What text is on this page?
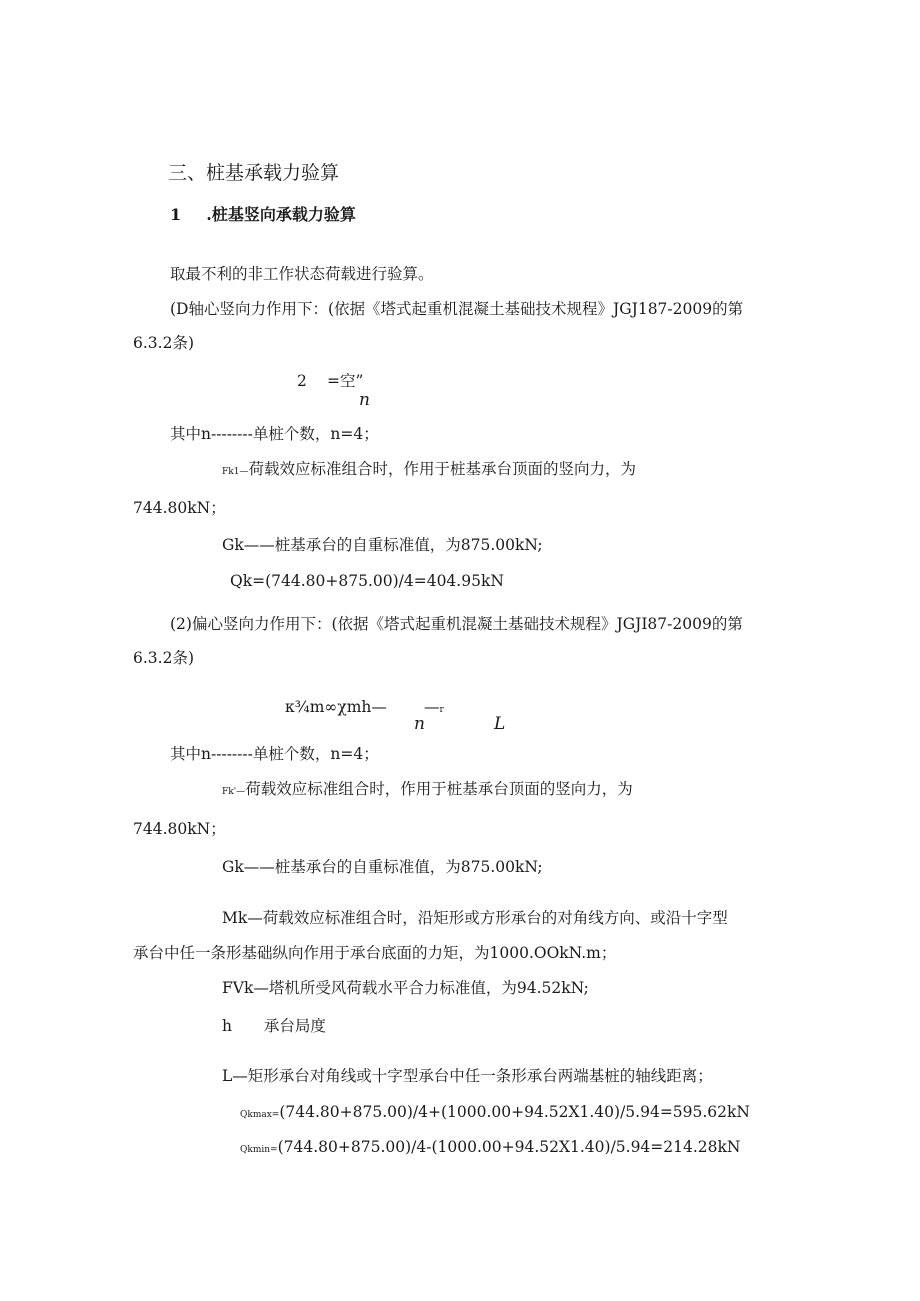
三、桩基承载力验算
1 .桩基竖向承载力验算
取最不利的非工作状态荷载进行验算。
(D轴心竖向力作用下：(依据《塔式起重机混凝土基础技术规程》JGJ187-2009的第
6.3.2条)
2 =空”
n
其中n--------单桩个数，n=4；
Fk1—荷载效应标准组合时，作用于桩基承台顶面的竖向力，为
744.80kN；
Gk——桩基承台的自重标准值，为875.00kN;
Qk=(744.80+875.00)/4=404.95kN
(2)偏心竖向力作用下：(依据《塔式起重机混凝土基础技术规程》JGJI87-2009的第
6.3.2条)
κ¾m∞χmh— —r
n	L
其中n--------单桩个数，n=4；
Fk'—荷载效应标准组合时，作用于桩基承台顶面的竖向力，为
744.80kN；
Gk——桩基承台的自重标准值，为875.00kN;
Mk—荷载效应标准组合时，沿矩形或方形承台的对角线方向、或沿十字型
承台中任一条形基础纵向作用于承台底面的力矩，为1000.OOkN.m；
FVk—塔机所受风荷载水平合力标准值，为94.52kN;
h 承台局度
L—矩形承台对角线或十字型承台中任一条形承台两端基桩的轴线距离；
Qkmax=(744.80+875.00)/4+(1000.00+94.52X1.40)/5.94=595.62kN
Qkmin=(744.80+875.00)/4-(1000.00+94.52X1.40)/5.94=214.28kN
